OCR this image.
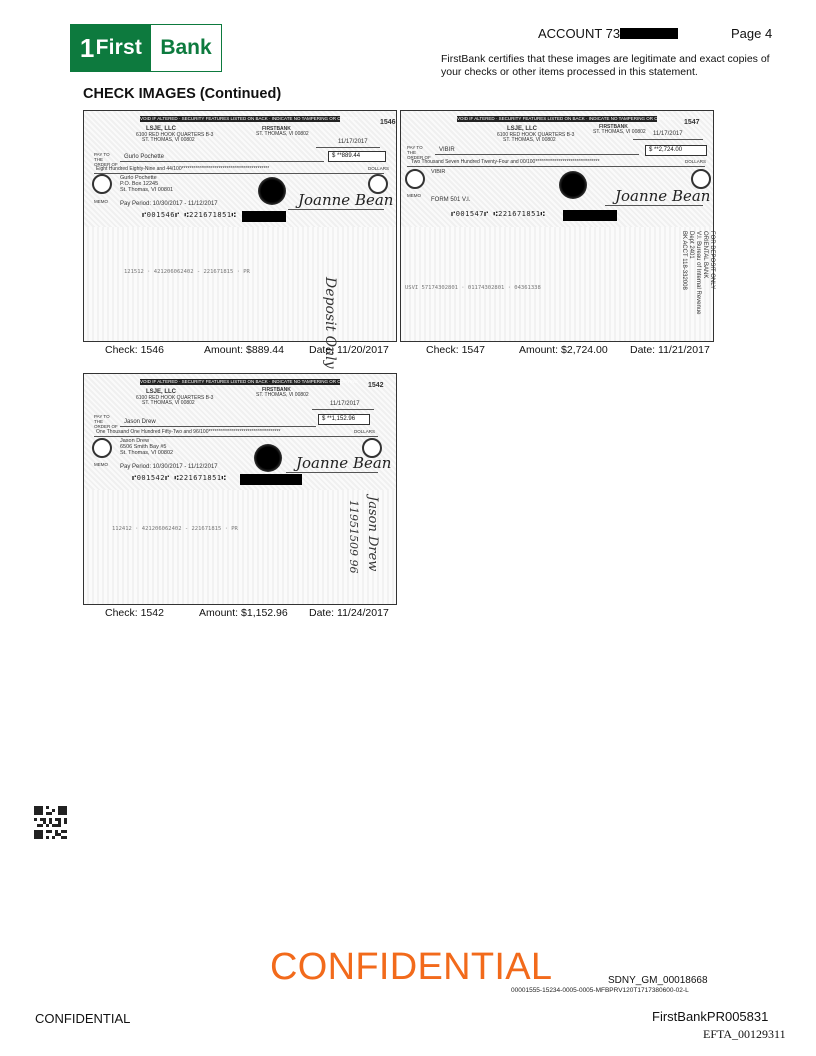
1 First Bank
ACCOUNT 73	Page 4
FirstBank certifies that these images are legitimate and exact copies of your checks or other items processed in this statement.
CHECK IMAGES (Continued)
VOID IF ALTERED · SECURITY FEATURES LISTED ON BACK · INDICATE NO TAMPERING OR COPYING
1546
LSJE, LLC
6100 RED HOOK QUARTERS B-3
ST. THOMAS, VI 00802
FIRSTBANK
ST. THOMAS, VI 00802
11/17/2017
PAY TO THE ORDER OF
Gurlo Pochette	$ **889.44
Eight Hundred Eighty-Nine and 44/100*********************************************	DOLLARS
Gurlo Pochette
P.O. Box 12245
St. Thomas, VI 00801
MEMO Pay Period: 10/30/2017 - 11/12/2017	Joanne Bean
⑈001546⑈ ⑆221671851⑆
121512 · 421206062402 - 221671815 · PR
Deposit Only
Check: 1546	Amount: $889.44 Date: 11/20/2017
VOID IF ALTERED · SECURITY FEATURES LISTED ON BACK · INDICATE NO TAMPERING OR COPYING
1547
LSJE, LLC
6100 RED HOOK QUARTERS B-3
ST. THOMAS, VI 00802
FIRSTBANK
ST. THOMAS, VI 00802 11/17/2017
PAY TO THE ORDER OF
VIBIR	$ **2,724.00
Two Thousand Seven Hundred Twenty-Four and 00/100*********************************	DOLLARS
VIBIR
MEMO
FORM 501 V.I.	Joanne Bean
⑈001547⑈ ⑆221671851⑆
USVI 57174302801 · 01174302801 · 04361338	FOR DEPOSIT ONLY
ORIENTAL BANK
V.I. Bureau of Internal Revenue
Dept 2401
BK ACCT 118-332008
Check: 1547	Amount: $2,724.00 Date: 11/21/2017
VOID IF ALTERED · SECURITY FEATURES LISTED ON BACK · INDICATE NO TAMPERING OR COPYING
1542
LSJE, LLC
6100 RED HOOK QUARTERS B-3
ST. THOMAS, VI 00802
FIRSTBANK
ST. THOMAS, VI 00802
11/17/2017
PAY TO THE ORDER OF
Jason Drew	$ **1,152.96
One Thousand One Hundred Fifty-Two and 96/100*************************************	DOLLARS
Jason Drew
6506 Smith Bay #5
St. Thomas, VI 00802
MEMO Pay Period: 10/30/2017 - 11/12/2017	Joanne Bean
⑈001542⑈ ⑆221671851⑆
112412 · 421206062402 - 221671815 · PR	Jason Drew
11951509 96
Check: 1542	Amount: $1,152.96 Date: 11/24/2017
CONFIDENTIAL	SDNY_GM_00018668
00001555-15234-0005-0005-MFBPRV120T1717380600-02-L
CONFIDENTIAL	FirstBankPR005831
EFTA_00129311
